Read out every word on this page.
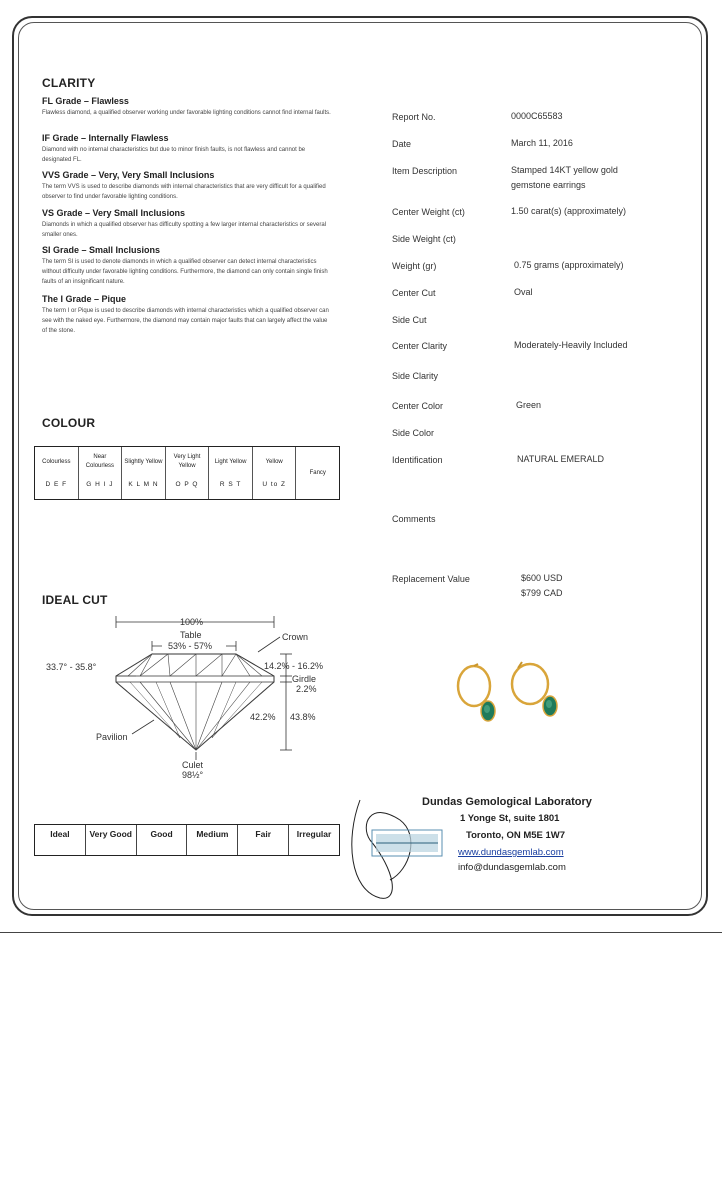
CLARITY
FL Grade – Flawless
Flawless diamond, a qualified observer working under favorable lighting conditions cannot find internal faults.
IF Grade – Internally Flawless
Diamond with no internal characteristics but due to minor finish faults, is not flawless and cannot be designated FL.
VVS Grade – Very, Very Small Inclusions
The term VVS is used to describe diamonds with internal characteristics that are very difficult for a qualified observer to find under favorable lighting conditions.
VS Grade – Very Small Inclusions
Diamonds in which a qualified observer has difficulty spotting a few larger internal characteristics or several smaller ones.
SI Grade – Small Inclusions
The term SI is used to denote diamonds in which a qualified observer can detect internal characteristics without difficulty under favorable lighting conditions. Furthermore, the diamond can only contain single finish faults of an insignificant nature.
The I Grade – Pique
The term I or Pique is used to describe diamonds with internal characteristics which a qualified observer can see with the naked eye. Furthermore, the diamond may contain major faults that can largely affect the value of the stone.
COLOUR
Colourless
D E F
Near Colourless
G H I J
Slightly Yellow
K L M N
Very Light Yellow
O P Q
Light Yellow
R S T
Yellow
U to Z
Fancy
IDEAL CUT
100%
Table
53% - 57%
Crown
33.7° - 35.8°	14.2% - 16.2%
Girdle
2.2%
42.2% 43.8%
Pavilion
Culet
98½°
Ideal	Very Good	Good	Medium	Fair	Irregular
Report No.	0000C65583
Date	March 11, 2016
Item Description	Stamped 14KT yellow gold gemstone earrings
Center Weight (ct)	1.50 carat(s) (approximately)
Side Weight (ct)
Weight (gr)	0.75 grams (approximately)
Center Cut	Oval
Side Cut
Center Clarity	Moderately-Heavily Included
Side Clarity
Center Color	Green
Side Color
Identification	NATURAL EMERALD
Comments
Replacement Value	$600 USD
$799 CAD
Dundas Gemological Laboratory
1 Yonge St, suite 1801
Toronto, ON M5E 1W7
www.dundasgemlab.com
info@dundasgemlab.com
